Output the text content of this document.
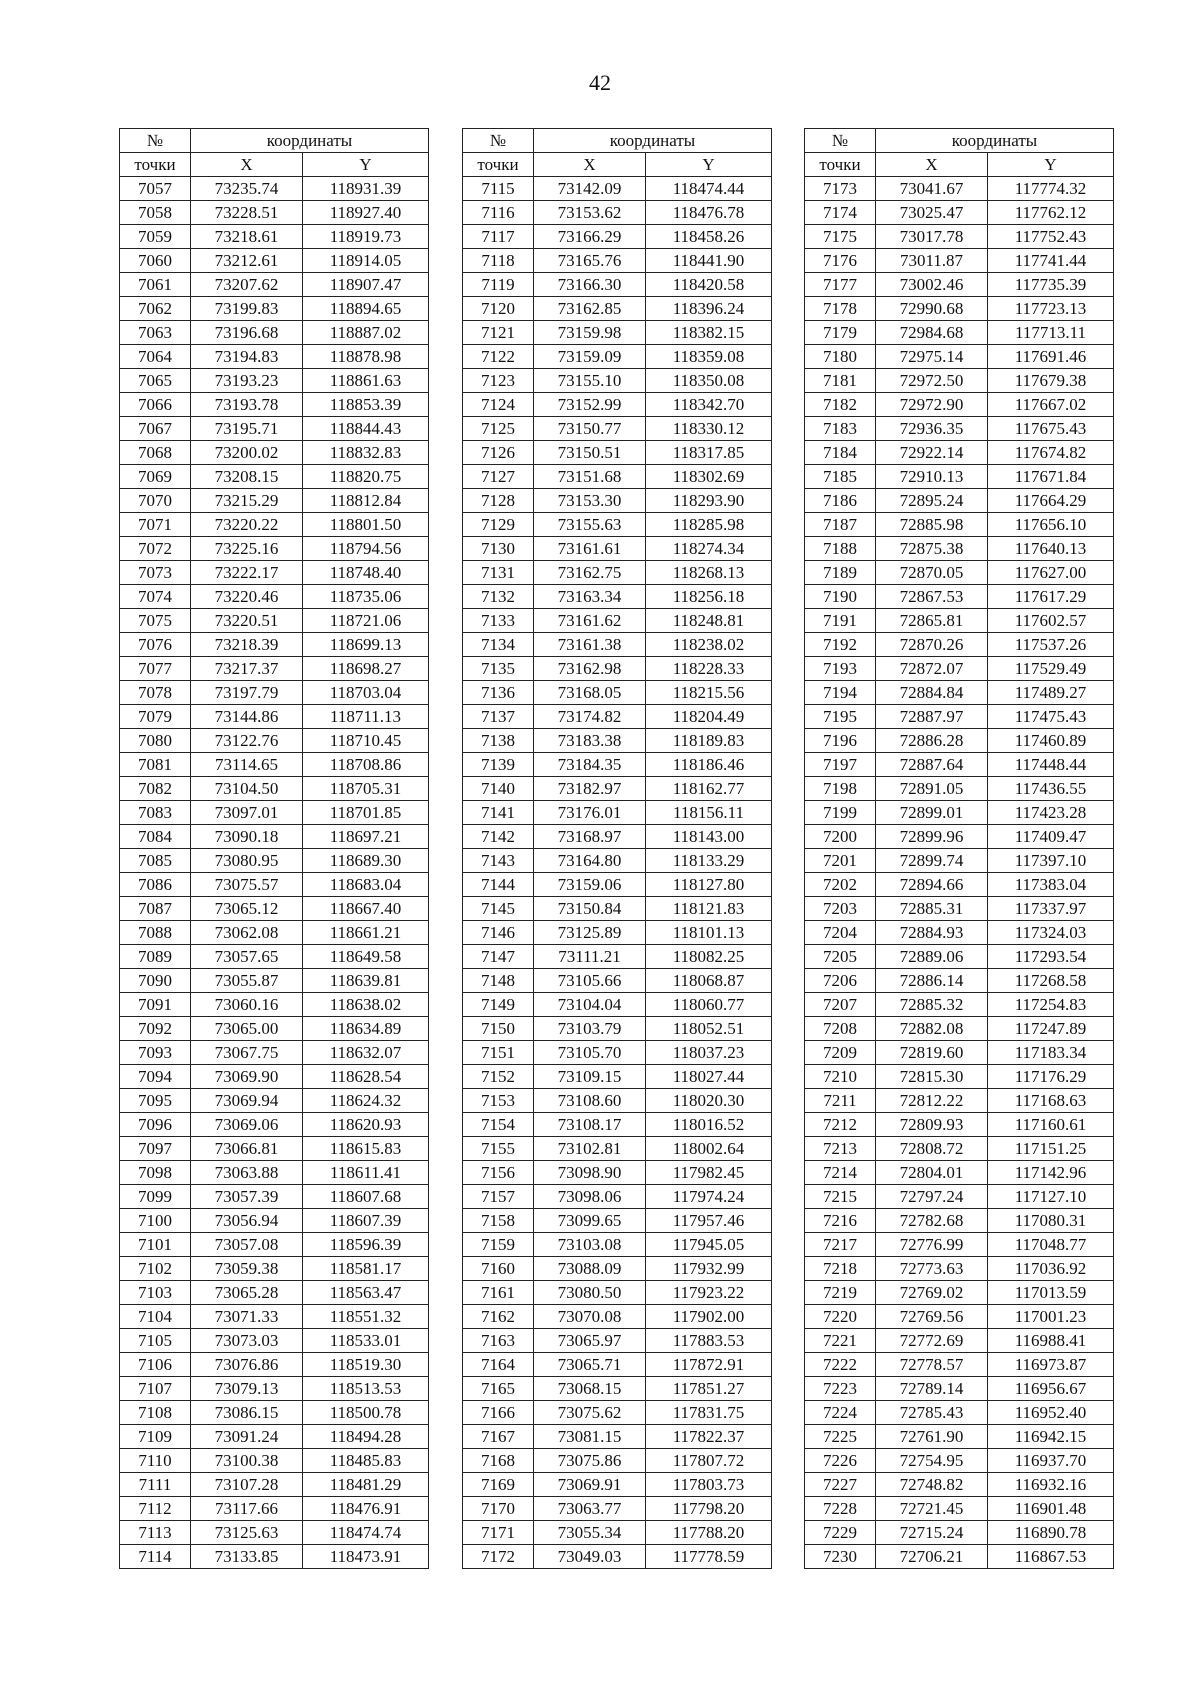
42
№	координаты	
точки	X	Y
7057	73235.74	118931.39
7058	73228.51	118927.40
7059	73218.61	118919.73
7060	73212.61	118914.05
7061	73207.62	118907.47
7062	73199.83	118894.65
7063	73196.68	118887.02
7064	73194.83	118878.98
7065	73193.23	118861.63
7066	73193.78	118853.39
7067	73195.71	118844.43
7068	73200.02	118832.83
7069	73208.15	118820.75
7070	73215.29	118812.84
7071	73220.22	118801.50
7072	73225.16	118794.56
7073	73222.17	118748.40
7074	73220.46	118735.06
7075	73220.51	118721.06
7076	73218.39	118699.13
7077	73217.37	118698.27
7078	73197.79	118703.04
7079	73144.86	118711.13
7080	73122.76	118710.45
7081	73114.65	118708.86
7082	73104.50	118705.31
7083	73097.01	118701.85
7084	73090.18	118697.21
7085	73080.95	118689.30
7086	73075.57	118683.04
7087	73065.12	118667.40
7088	73062.08	118661.21
7089	73057.65	118649.58
7090	73055.87	118639.81
7091	73060.16	118638.02
7092	73065.00	118634.89
7093	73067.75	118632.07
7094	73069.90	118628.54
7095	73069.94	118624.32
7096	73069.06	118620.93
7097	73066.81	118615.83
7098	73063.88	118611.41
7099	73057.39	118607.68
7100	73056.94	118607.39
7101	73057.08	118596.39
7102	73059.38	118581.17
7103	73065.28	118563.47
7104	73071.33	118551.32
7105	73073.03	118533.01
7106	73076.86	118519.30
7107	73079.13	118513.53
7108	73086.15	118500.78
7109	73091.24	118494.28
7110	73100.38	118485.83
7111	73107.28	118481.29
7112	73117.66	118476.91
7113	73125.63	118474.74
7114	73133.85	118473.91
№	координаты	
точки	X	Y
7115	73142.09	118474.44
7116	73153.62	118476.78
7117	73166.29	118458.26
7118	73165.76	118441.90
7119	73166.30	118420.58
7120	73162.85	118396.24
7121	73159.98	118382.15
7122	73159.09	118359.08
7123	73155.10	118350.08
7124	73152.99	118342.70
7125	73150.77	118330.12
7126	73150.51	118317.85
7127	73151.68	118302.69
7128	73153.30	118293.90
7129	73155.63	118285.98
7130	73161.61	118274.34
7131	73162.75	118268.13
7132	73163.34	118256.18
7133	73161.62	118248.81
7134	73161.38	118238.02
7135	73162.98	118228.33
7136	73168.05	118215.56
7137	73174.82	118204.49
7138	73183.38	118189.83
7139	73184.35	118186.46
7140	73182.97	118162.77
7141	73176.01	118156.11
7142	73168.97	118143.00
7143	73164.80	118133.29
7144	73159.06	118127.80
7145	73150.84	118121.83
7146	73125.89	118101.13
7147	73111.21	118082.25
7148	73105.66	118068.87
7149	73104.04	118060.77
7150	73103.79	118052.51
7151	73105.70	118037.23
7152	73109.15	118027.44
7153	73108.60	118020.30
7154	73108.17	118016.52
7155	73102.81	118002.64
7156	73098.90	117982.45
7157	73098.06	117974.24
7158	73099.65	117957.46
7159	73103.08	117945.05
7160	73088.09	117932.99
7161	73080.50	117923.22
7162	73070.08	117902.00
7163	73065.97	117883.53
7164	73065.71	117872.91
7165	73068.15	117851.27
7166	73075.62	117831.75
7167	73081.15	117822.37
7168	73075.86	117807.72
7169	73069.91	117803.73
7170	73063.77	117798.20
7171	73055.34	117788.20
7172	73049.03	117778.59
№	координаты	
точки	X	Y
7173	73041.67	117774.32
7174	73025.47	117762.12
7175	73017.78	117752.43
7176	73011.87	117741.44
7177	73002.46	117735.39
7178	72990.68	117723.13
7179	72984.68	117713.11
7180	72975.14	117691.46
7181	72972.50	117679.38
7182	72972.90	117667.02
7183	72936.35	117675.43
7184	72922.14	117674.82
7185	72910.13	117671.84
7186	72895.24	117664.29
7187	72885.98	117656.10
7188	72875.38	117640.13
7189	72870.05	117627.00
7190	72867.53	117617.29
7191	72865.81	117602.57
7192	72870.26	117537.26
7193	72872.07	117529.49
7194	72884.84	117489.27
7195	72887.97	117475.43
7196	72886.28	117460.89
7197	72887.64	117448.44
7198	72891.05	117436.55
7199	72899.01	117423.28
7200	72899.96	117409.47
7201	72899.74	117397.10
7202	72894.66	117383.04
7203	72885.31	117337.97
7204	72884.93	117324.03
7205	72889.06	117293.54
7206	72886.14	117268.58
7207	72885.32	117254.83
7208	72882.08	117247.89
7209	72819.60	117183.34
7210	72815.30	117176.29
7211	72812.22	117168.63
7212	72809.93	117160.61
7213	72808.72	117151.25
7214	72804.01	117142.96
7215	72797.24	117127.10
7216	72782.68	117080.31
7217	72776.99	117048.77
7218	72773.63	117036.92
7219	72769.02	117013.59
7220	72769.56	117001.23
7221	72772.69	116988.41
7222	72778.57	116973.87
7223	72789.14	116956.67
7224	72785.43	116952.40
7225	72761.90	116942.15
7226	72754.95	116937.70
7227	72748.82	116932.16
7228	72721.45	116901.48
7229	72715.24	116890.78
7230	72706.21	116867.53
